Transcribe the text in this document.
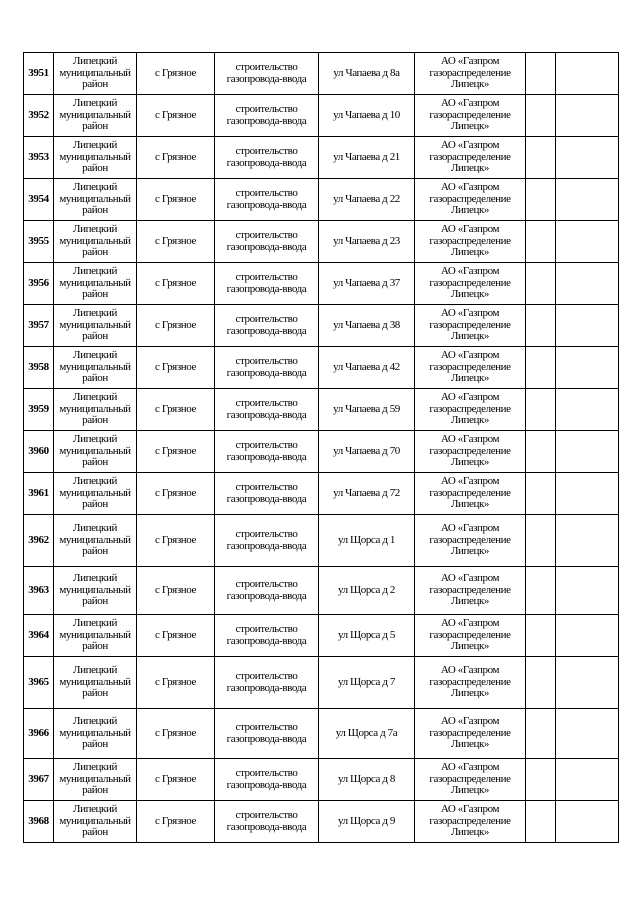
3951	Липецкий
муниципальный
район	с Грязное	строительство
газопровода-ввода	ул Чапаева д 8а	АО «Газпром
газораспределение
Липецк»		

3952	Липецкий
муниципальный
район	с Грязное	строительство
газопровода-ввода	ул Чапаева д 10	АО «Газпром
газораспределение
Липецк»		

3953	Липецкий
муниципальный
район	с Грязное	строительство
газопровода-ввода	ул Чапаева д 21	АО «Газпром
газораспределение
Липецк»		

3954	Липецкий
муниципальный
район	с Грязное	строительство
газопровода-ввода	ул Чапаева д 22	АО «Газпром
газораспределение
Липецк»		

3955	Липецкий
муниципальный
район	с Грязное	строительство
газопровода-ввода	ул Чапаева д 23	АО «Газпром
газораспределение
Липецк»		

3956	Липецкий
муниципальный
район	с Грязное	строительство
газопровода-ввода	ул Чапаева д 37	АО «Газпром
газораспределение
Липецк»		

3957	Липецкий
муниципальный
район	с Грязное	строительство
газопровода-ввода	ул Чапаева д 38	АО «Газпром
газораспределение
Липецк»		

3958	Липецкий
муниципальный
район	с Грязное	строительство
газопровода-ввода	ул Чапаева д 42	АО «Газпром
газораспределение
Липецк»		

3959	Липецкий
муниципальный
район	с Грязное	строительство
газопровода-ввода	ул Чапаева д 59	АО «Газпром
газораспределение
Липецк»		

3960	Липецкий
муниципальный
район	с Грязное	строительство
газопровода-ввода	ул Чапаева д 70	АО «Газпром
газораспределение
Липецк»		

3961	Липецкий
муниципальный
район	с Грязное	строительство
газопровода-ввода	ул Чапаева д 72	АО «Газпром
газораспределение
Липецк»		

3962	Липецкий
муниципальный
район	с Грязное	строительство
газопровода-ввода	ул Щорса д 1	АО «Газпром
газораспределение
Липецк»		

3963	Липецкий
муниципальный
район	с Грязное	строительство
газопровода-ввода	ул Щорса д 2	АО «Газпром
газораспределение
Липецк»		

3964	Липецкий
муниципальный
район	с Грязное	строительство
газопровода-ввода	ул Щорса д 5	АО «Газпром
газораспределение
Липецк»		

3965	Липецкий
муниципальный
район	с Грязное	строительство
газопровода-ввода	ул Щорса д 7	АО «Газпром
газораспределение
Липецк»		

3966	Липецкий
муниципальный
район	с Грязное	строительство
газопровода-ввода	ул Щорса д 7а	АО «Газпром
газораспределение
Липецк»		

3967	Липецкий
муниципальный
район	с Грязное	строительство
газопровода-ввода	ул Щорса д 8	АО «Газпром
газораспределение
Липецк»		

3968	Липецкий
муниципальный
район	с Грязное	строительство
газопровода-ввода	ул Щорса д 9	АО «Газпром
газораспределение
Липецк»		
